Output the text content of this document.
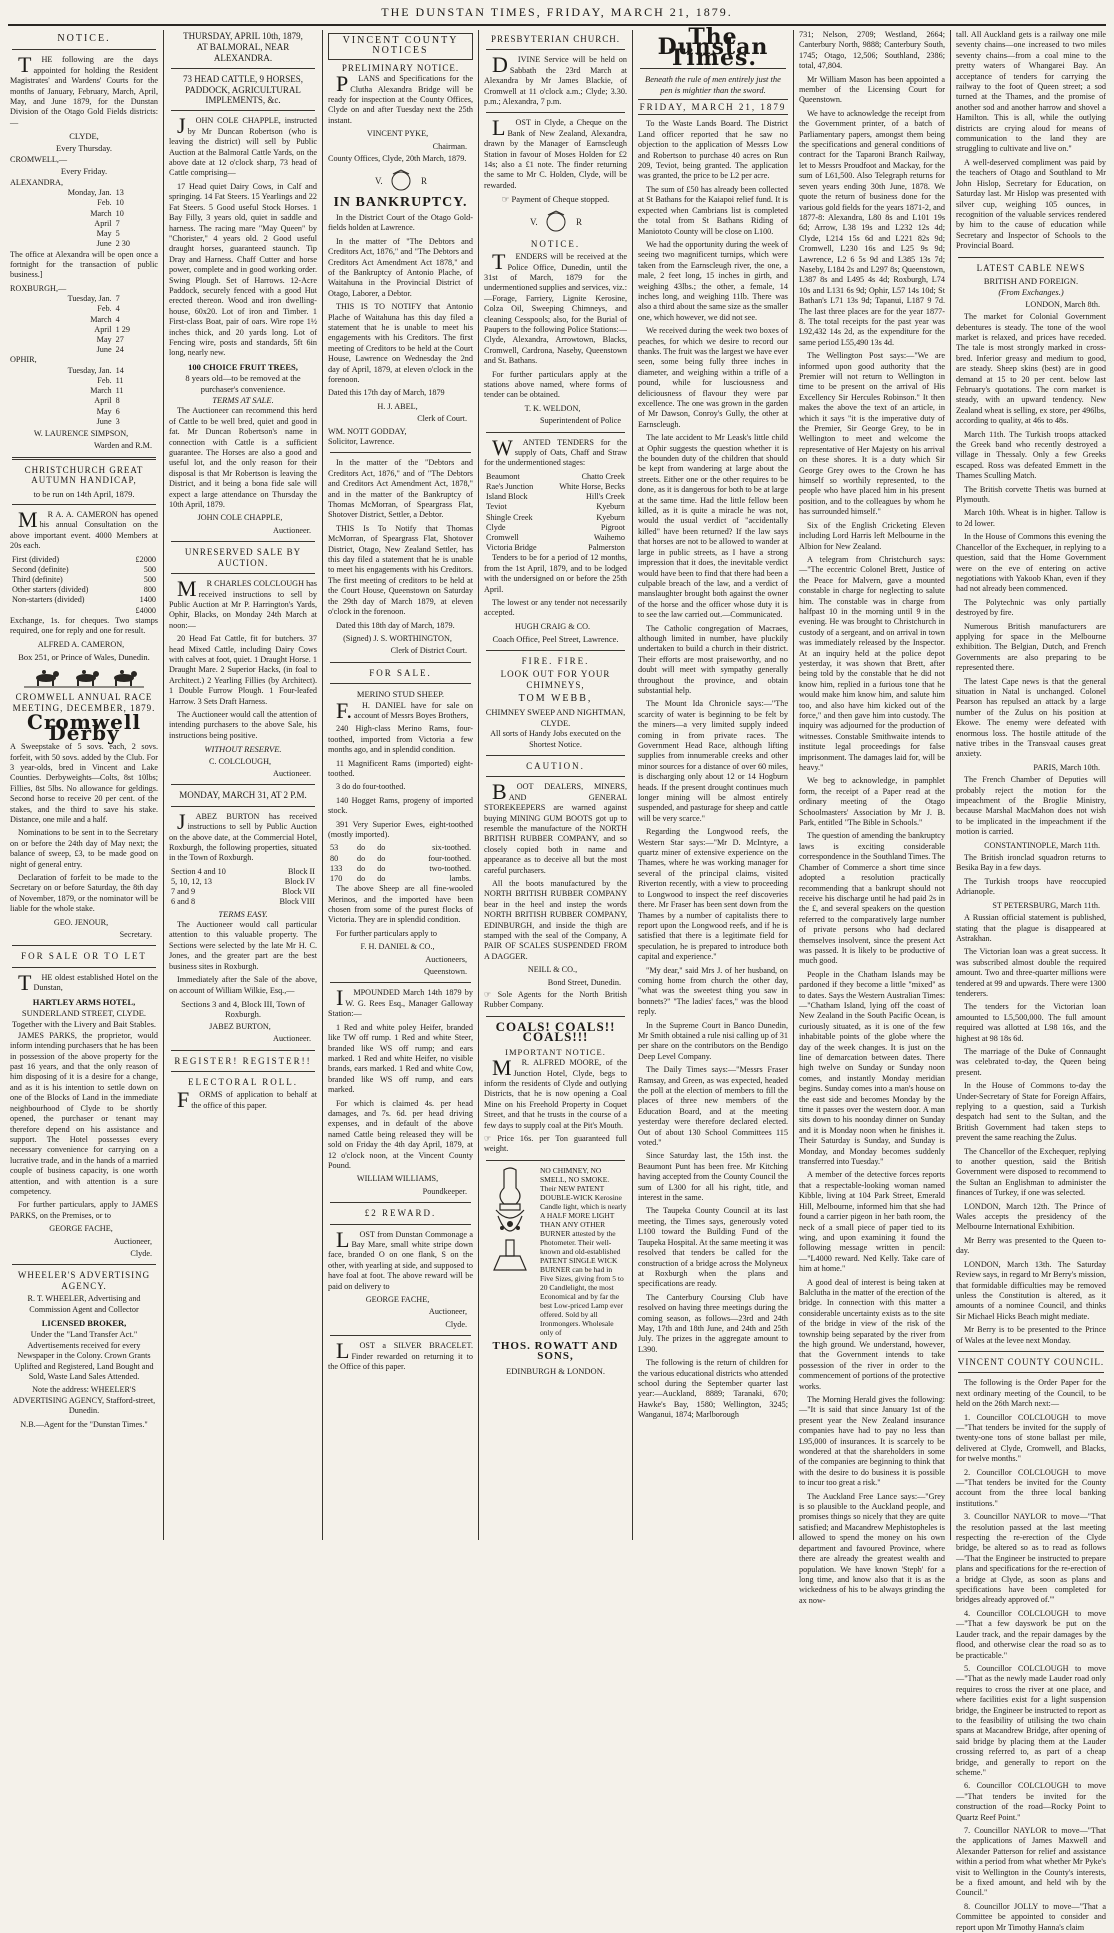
THE DUNSTAN TIMES, FRIDAY, MARCH 21, 1879.
NOTICE.

THE following are the days appointed for holding the Resident Magistrates' and Wardens' Courts for the months of January, February, March, April, May, and June 1879, for the Dunstan Division of the Otago Gold Fields districts:—

CLYDE,
Every Thursday.
CROMWELL,—
Every Friday.
ALEXANDRA,
Monday, Jan.	13
Feb.	10
March	10
April	7
May	5
June	2 30

The office at Alexandra will be open once a fortnight for the transaction of public business.]

ROXBURGH,—
Tuesday, Jan.	7
Feb.	4
March	4
April	1 29
May	27
June	24
OPHIR,
Tuesday, Jan.	14
Feb.	11
March	11
April	8
May	6
June	3
W. LAURENCE SIMPSON,
Warden and R.M.
CHRISTCHURCH GREAT AUTUMN HANDICAP,
to be run on 14th April, 1879.

MR A. A. CAMERON has opened his annual Consultation on the above important event. 4000 Members at 20s each.

First (divided)	£2000
Second (definite)	500
Third (definite)	500
Other starters (divided)	800
Non-starters (divided)	1400
	£4000

Exchange, 1s. for cheques. Two stamps required, one for reply and one for result.

ALFRED A. CAMERON,
Box 251, or Prince of Wales, Dunedin.
CROMWELL ANNUAL RACE MEETING, DECEMBER, 1879.
Cromwell Derby

A Sweepstake of 5 sovs. each, 2 sovs. forfeit, with 50 sovs. added by the Club. For 3 year-olds, bred in Vincent and Lake Counties. Derbyweights—Colts, 8st 10lbs; Fillies, 8st 5lbs. No allowance for geldings. Second horse to receive 20 per cent. of the stakes, and the third to save his stake. Distance, one mile and a half.

Nominations to be sent in to the Secretary on or before the 24th day of May next; the balance of sweep, £3, to be made good on night of general entry.

Declaration of forfeit to be made to the Secretary on or before Saturday, the 8th day of November, 1879, or the nominator will be liable for the whole stake.

GEO. JENOUR,
Secretary.
FOR SALE OR TO LET

THE oldest established Hotel on the Dunstan,

HARTLEY ARMS HOTEL,
SUNDERLAND STREET, CLYDE.
Together with the Livery and Bait Stables.

JAMES PARKS, the proprietor, would inform intending purchasers that he has been in possession of the above property for the past 16 years, and that the only reason of him disposing of it is a desire for a change, and as it is his intention to settle down on one of the Blocks of Land in the immediate neighbourhood of Clyde to be shortly opened, the purchaser or tenant may therefore depend on his assistance and support. The Hotel possesses every necessary convenience for carrying on a lucrative trade, and in the hands of a married couple of business capacity, is one worth attention, and with attention is a sure competency.

For further particulars, apply to JAMES PARKS, on the Premises, or to

GEORGE FACHE,
Auctioneer,
Clyde.
WHEELER'S ADVERTISING AGENCY.

R. T. WHEELER, Advertising and Commission Agent and Collector

LICENSED BROKER,
Under the "Land Transfer Act."

Advertisements received for every Newspaper in the Colony. Crown Grants Uplifted and Registered, Land Bought and Sold, Waste Land Sales Attended.

Note the address: WHEELER'S ADVERTISING AGENCY, Stafford-street, Dunedin.

N.B.—Agent for the "Dunstan Times."

THURSDAY, APRIL 10th, 1879,
AT BALMORAL, NEAR ALEXANDRA.
73 HEAD CATTLE, 9 HORSES, PADDOCK, AGRICULTURAL IMPLEMENTS, &c.

JOHN COLE CHAPPLE, instructed by Mr Duncan Robertson (who is leaving the district) will sell by Public Auction at the Balmoral Cattle Yards, on the above date at 12 o'clock sharp, 73 head of Cattle comprising—

17 Head quiet Dairy Cows, in Calf and springing. 14 Fat Steers. 15 Yearlings and 22 Fat Steers. 5 Good useful Stock Horses. 1 Bay Filly, 3 years old, quiet in saddle and harness. The racing mare "May Queen" by "Chorister," 4 years old. 2 Good useful draught horses, guaranteed staunch. Tip Dray and Harness. Chaff Cutter and horse power, complete and in good working order. Swing Plough. Set of Harrows. 12-Acre Paddock, securely fenced with a good Hut erected thereon. Wood and iron dwelling-house, 60x20. Lot of iron and Timber. 1 First-class Boat, pair of oars. Wire rope 1½ inches thick, and 20 yards long. Lot of Fencing wire, posts and standards, 5ft 6in long, nearly new.

100 CHOICE FRUIT TREES,
8 years old—to be removed at the purchaser's convenience.
TERMS AT SALE.

The Auctioneer can recommend this herd of Cattle to be well bred, quiet and good in fat. Mr Duncan Robertson's name in connection with Cattle is a sufficient guarantee. The Horses are also a good and useful lot, and the only reason for their disposal is that Mr Robertson is leaving the District, and it being a bona fide sale will expect a large attendance on Thursday the 10th April, 1879.

JOHN COLE CHAPPLE,
Auctioneer.
UNRESERVED SALE BY AUCTION.

MR CHARLES COLCLOUGH has received instructions to sell by Public Auction at Mr P. Harrington's Yards, Ophir, Blacks, on Monday 24th March at noon:—

20 Head Fat Cattle, fit for butchers. 37 head Mixed Cattle, including Dairy Cows with calves at foot, quiet. 1 Draught Horse. 1 Draught Mare. 2 Superior Hacks, (in foal to Architect.) 2 Yearling Fillies (by Architect). 1 Double Furrow Plough. 1 Four-leafed Harrow. 3 Sets Draft Harness.

The Auctioneer would call the attention of intending purchasers to the above Sale, his instructions being positive.

WITHOUT RESERVE.
C. COLCLOUGH,
Auctioneer.
MONDAY, MARCH 31, AT 2 P.M.

JABEZ BURTON has received instructions to sell by Public Auction on the above date, at the Commercial Hotel, Roxburgh, the following properties, situated in the Town of Roxburgh.

Section 4 and 10	Block II
5, 10, 12, 13	Block IV
7 and 9	Block VII
6 and 8	Block VIII
TERMS EASY.

The Auctioneer would call particular attention to this valuable property. The Sections were selected by the late Mr H. C. Jones, and the greater part are the best business sites in Roxburgh.

Immediately after the Sale of the above, on account of William Wilkie, Esq.,—

Sections 3 and 4, Block III, Town of Roxburgh.
JABEZ BURTON,
Auctioneer.
REGISTER! REGISTER!!
ELECTORAL ROLL.

FORMS of application to behalf at the office of this paper.

VINCENT COUNTY NOTICES
PRELIMINARY NOTICE.

PLANS and Specifications for the Clutha Alexandra Bridge will be ready for inspection at the County Offices, Clyde on and after Tuesday next the 25th instant.

VINCENT PYKE,
Chairman.

County Offices, Clyde, 20th March, 1879.

V.	R
IN BANKRUPTCY.

In the District Court of the Otago Gold-fields holden at Lawrence.

In the matter of "The Debtors and Creditors Act, 1876," and "The Debtors and Creditors Act Amendment Act 1878," and of the Bankruptcy of Antonio Plache, of Waitahuna in the Provincial District of Otago, Laborer, a Debtor.

THIS IS TO NOTIFY that Antonio Plache of Waitahuna has this day filed a statement that he is unable to meet his engagements with his Creditors. The first meeting of Creditors to be held at the Court House, Lawrence on Wednesday the 2nd day of April, 1879, at eleven o'clock in the forenoon.

Dated this 17th day of March, 1879

H. J. ABEL,
Clerk of Court.
WM. NOTT GODDAY,
Solicitor, Lawrence.

In the matter of the "Debtors and Creditors Act, 1876," and of "The Debtors and Creditors Act Amendment Act, 1878," and in the matter of the Bankruptcy of Thomas McMorran, of Speargrass Flat, Shotover District, Settler, a Debtor.

THIS Is To Notify that Thomas McMorran, of Speargrass Flat, Shotover District, Otago, New Zealand Settler, has this day filed a statement that he is unable to meet his engagements with his Creditors. The first meeting of creditors to be held at the Court House, Queenstown on Saturday the 29th day of March 1879, at eleven o'clock in the forenoon.

Dated this 18th day of March, 1879.

(Signed) J. S. WORTHINGTON,
Clerk of District Court.
FOR SALE.
MERINO STUD SHEEP.

F.H. DANIEL have for sale on account of Messrs Boyes Brothers,

240 High-class Merino Rams, four-toothed, imported from Victoria a few months ago, and in splendid condition.

11 Magnificent Rams (imported) eight-toothed.

3 do do four-toothed.

140 Hogget Rams, progeny of imported stock.

391 Very Superior Ewes, eight-toothed (mostly imported).

53	do	do	six-toothed.
80	do	do	four-toothed.
133	do	do	two-toothed.
170	do	do	lambs.

The above Sheep are all fine-wooled Merinos, and the imported have been chosen from some of the purest flocks of Victoria. They are in splendid condition.

For further particulars apply to

F. H. DANIEL & CO.,
Auctioneers,
Queenstown.

IMPOUNDED March 14th 1879 by W. G. Rees Esq., Manager Galloway Station:—

1 Red and white poley Heifer, branded like TW off rump. 1 Red and white Steer, branded like WS off rump; and ears marked. 1 Red and white Heifer, no visible brands, ears marked. 1 Red and white Cow, branded like WS off rump, and ears marked.

For which is claimed 4s. per head damages, and 7s. 6d. per head driving expenses, and in default of the above named Cattle being released they will be sold on Friday the 4th day April, 1879, at 12 o'clock noon, at the Vincent County Pound.

WILLIAM WILLIAMS,
Poundkeeper.
£2 REWARD.

LOST from Dunstan Commonage a Bay Mare, small white stripe down face, branded O on one flank, S on the other, with yearling at side, and supposed to have foal at foot. The above reward will be paid on delivery to

GEORGE FACHE,
Auctioneer,
Clyde.

LOST a SILVER BRACELET. Finder rewarded on returning it to the Office of this paper.

PRESBYTERIAN CHURCH.

DIVINE Service will be held on Sabbath the 23rd March at Alexandra by Mr James Blackie, of Cromwell at 11 o'clock a.m.; Clyde; 3.30. p.m.; Alexandra, 7 p.m.

LOST in Clyde, a Cheque on the Bank of New Zealand, Alexandra, drawn by the Manager of Earnscleugh Station in favour of Moses Holden for £2 14s; also a £1 note. The finder returning the same to Mr C. Holden, Clyde, will be rewarded.

☞ Payment of Cheque stopped.
V.	R
NOTICE.

TENDERS will be received at the Police Office, Dunedin, until the 31st of March, 1879 for the undermentioned supplies and services, viz.:—Forage, Farriery, Lignite Kerosine, Colza Oil, Sweeping Chimneys, and cleaning Cesspools; also, for the Burial of Paupers to the following Police Stations:—Clyde, Alexandra, Arrowtown, Blacks, Cromwell, Cardrona, Naseby, Queenstown and St. Bathans.

For further particulars apply at the stations above named, where forms of tender can be obtained.

T. K. WELDON,
Superintendent of Police

WANTED TENDERS for the supply of Oats, Chaff and Straw for the undermentioned stages:

Beaumont	Chatto Creek
Rae's Junction	White Horse, Becks
Island Block	Hill's Creek
Teviot	Kyeburn
Shingle Creek	Kyeburn
Clyde	Pigroot
Cromwell	Waihemo
Victoria Bridge	Palmerston

Tenders to be for a period of 12 months, from the 1st April, 1879, and to be lodged with the undersigned on or before the 25th April.

The lowest or any tender not necessarily accepted.

HUGH CRAIG & CO.
Coach Office, Peel Street, Lawrence.
FIRE. FIRE.
LOOK OUT FOR YOUR CHIMNEYS,
TOM WEBB,
CHIMNEY SWEEP AND NIGHTMAN, CLYDE.

All sorts of Handy Jobs executed on the Shortest Notice.

CAUTION.

BOOT DEALERS, MINERS, AND GENERAL STOREKEEPERS are warned against buying MINING GUM BOOTS got up to resemble the manufacture of the NORTH BRITISH RUBBER COMPANY, and so closely copied both in name and appearance as to deceive all but the most careful purchasers.

All the boots manufactured by the NORTH BRITISH RUBBER COMPANY bear in the heel and instep the words NORTH BRITISH RUBBER COMPANY, EDINBURGH, and inside the thigh are stamped with the seal of the Company, A PAIR OF SCALES SUSPENDED FROM A DAGGER.

NEILL & CO.,
Bond Street, Dunedin.

☞ Sole Agents for the North British Rubber Company.

COALS! COALS!! COALS!!!
IMPORTANT NOTICE.

MR. ALFRED MOORE, of the Junction Hotel, Clyde, begs to inform the residents of Clyde and outlying Districts, that he is now opening a Coal Mine on his Freehold Property in Coquet Street, and that he trusts in the course of a few days to supply coal at the Pit's Mouth.

☞ Price 16s. per Ton guaranteed full weight.

NO CHIMNEY, NO SMELL, NO SMOKE. Their NEW PATENT DOUBLE-WICK Kerosine Candle light, which is nearly A HALF MORE LIGHT THAN ANY OTHER BURNER attested by the Photometer. Their well-known and old-established PATENT SINGLE WICK BURNER can be had in Five Sizes, giving from 5 to 20 Candlelight, the most Economical and by far the best Low-priced Lamp ever offered. Sold by all Ironmongers. Wholesale only of
THOS. ROWATT AND SONS,
EDINBURGH & LONDON.
The Dunstan Times.
Beneath the rule of men entirely just the pen is mightier than the sword.
FRIDAY, MARCH 21, 1879

To the Waste Lands Board. The District Land officer reported that he saw no objection to the application of Messrs Low and Robertson to purchase 40 acres on Run 209, Teviot, being granted. The application was granted, the price to be L2 per acre.

The sum of £50 has already been collected at St Bathans for the Kaiapoi relief fund. It is expected when Cambrians list is completed the total from St Bathans Riding of Maniototo County will be close on L100.

We had the opportunity during the week of seeing two magnificent turnips, which were taken from the Earnscleugh river, the one, a male, 2 feet long, 15 inches in girth, and weighing 43lbs.; the other, a female, 14 inches long, and weighing 11lb. There was also a third about the same size as the smaller one, which however, we did not see.

We received during the week two boxes of peaches, for which we desire to record our thanks. The fruit was the largest we have ever seen, some being fully three inches in diameter, and weighing within a trifle of a pound, while for lusciousness and deliciousness of flavour they were par excellence. The one was grown in the garden of Mr Dawson, Conroy's Gully, the other at Earnscleugh.

The late accident to Mr Leask's little child at Ophir suggests the question whether it is the bounden duty of the children that should be kept from wandering at large about the streets. Either one or the other requires to be done, as it is dangerous for both to be at large at the same time. Had the little fellow been killed, as it is quite a miracle he was not, would the usual verdict of "accidentally killed" have been returned? If the law says that horses are not to be allowed to wander at large in public streets, as I have a strong impression that it does, the inevitable verdict would have been to find that there had been a culpable breach of the law, and a verdict of manslaughter brought both against the owner of the horse and the officer whose duty it is to see the law carried out.—Communicated.

The Catholic congregation of Macraes, although limited in number, have pluckily undertaken to build a church in their district. Their efforts are most praiseworthy, and no doubt will meet with sympathy generally throughout the province, and obtain substantial help.

The Mount Ida Chronicle says:—"The scarcity of water is beginning to be felt by the miners—a very limited supply indeed coming in from private races. The Government Head Race, although lifting supplies from innumerable creeks and other minor sources for a distance of over 60 miles, is discharging only about 12 or 14 Hogburn heads. If the present drought continues much longer mining will be almost entirely suspended, and pasturage for sheep and cattle will be very scarce."

Regarding the Longwood reefs, the Western Star says:—"Mr D. McIntyre, a quartz miner of extensive experience on the Thames, where he was working manager for several of the principal claims, visited Riverton recently, with a view to proceeding to Longwood to inspect the reef discoveries there. Mr Fraser has been sent down from the Thames by a number of capitalists there to report upon the Longwood reefs, and if he is satisfied that there is a legitimate field for speculation, he is prepared to introduce both capital and experience."

"My dear," said Mrs J. of her husband, on coming home from church the other day, "what was the sweetest thing you saw in bonnets?" "The ladies' faces," was the blood reply.

In the Supreme Court in Banco Dunedin, Mr Smith obtained a rule nisi calling up of 31 per share on the contributors on the Bendigo Deep Level Company.

The Daily Times says:—"Messrs Fraser Ramsay, and Green, as was expected, headed the poll at the election of members to fill the places of three new members of the Education Board, and at the meeting yesterday were therefore declared elected. Out of about 130 School Committees 115 voted."

Since Saturday last, the 15th inst. the Beaumont Punt has been free. Mr Kitching having accepted from the County Council the sum of L300 for all his right, title, and interest in the same.

The Taupeka County Council at its last meeting, the Times says, generously voted L100 toward the Building Fund of the Taupeka Hospital. At the same meeting it was resolved that tenders be called for the construction of a bridge across the Molyneux at Roxburgh when the plans and specifications are ready.

The Canterbury Coursing Club have resolved on having three meetings during the coming season, as follows—23rd and 24th May, 17th and 18th June, and 24th and 25th July. The prizes in the aggregate amount to L390.

The following is the return of children for the various educational districts who attended school during the September quarter last year:—Auckland, 8889; Taranaki, 670; Hawke's Bay, 1580; Wellington, 3245; Wanganui, 1874; Marlborough

731; Nelson, 2709; Westland, 2664; Canterbury North, 9888; Canterbury South, 1745; Otago, 12,506; Southland, 2386; total, 47,804.

Mr William Mason has been appointed a member of the Licensing Court for Queenstown.

We have to acknowledge the receipt from the Government printer, of a batch of Parliamentary papers, amongst them being the specifications and general conditions of contract for the Taparoni Branch Railway, let to Messrs Proudfoot and Mackay, for the sum of L61,500. Also Telegraph returns for seven years ending 30th June, 1878. We quote the return of business done for the various gold fields for the years 1871-2, and 1877-8: Alexandra, L80 8s and L101 19s 6d; Arrow, L38 19s and L232 12s 4d; Clyde, L214 15s 6d and L221 82s 9d; Cromwell, L230 16s and L25 9s 9d; Lawrence, L2 6 5s 9d and L385 13s 7d; Naseby, L184 2s and L297 8s; Queenstown, L387 8s and L495 4s 4d; Roxburgh, L74 10s and L131 6s 9d; Ophir, L57 14s 10d; St Bathan's L71 13s 9d; Tapanui, L187 9 7d. The last three places are for the year 1877-8. The total receipts for the past year was L92,432 14s 2d, as the expenditure for the same period L55,490 13s 4d.

The Wellington Post says:—"We are informed upon good authority that the Premier will not return to Wellington in time to be present on the arrival of His Excellency Sir Hercules Robinson." It then makes the above the text of an article, in which it says "it is the imperative duty of the Premier, Sir George Grey, to be in Wellington to meet and welcome the representative of Her Majesty on his arrival on these shores. It is a duty which Sir George Grey owes to the Crown he has himself so worthily represented, to the people who have placed him in his present position, and to the colleagues by whom he has surrounded himself."

Six of the English Cricketing Eleven including Lord Harris left Melbourne in the Albion for New Zealand.

A telegram from Christchurch says:—"The eccentric Colonel Brett, Justice of the Peace for Malvern, gave a mounted constable in charge for neglecting to salute him. The constable was in charge from halfpast 10 in the morning until 9 in the evening. He was brought to Christchurch in custody of a sergeant, and on arrival in town was immediately released by the Inspector. At an inquiry held at the police depot yesterday, it was shown that Brett, after being told by the constable that he did not know him, replied in a furious tone that he would make him know him, and salute him too, and also have him kicked out of the force," and then gave him into custody. The inquiry was adjourned for the production of witnesses. Constable Smithwaite intends to institute legal proceedings for false imprisonment. The damages laid for, will be heavy."

We beg to acknowledge, in pamphlet form, the receipt of a Paper read at the ordinary meeting of the Otago Schoolmasters' Association by Mr J. B. Park, entitled "The Bible in Schools."

The question of amending the bankruptcy laws is exciting considerable correspondence in the Southland Times. The Chamber of Commerce a short time since adopted a resolution practically recommending that a bankrupt should not receive his discharge until he had paid 2s in the £, and several speakers on the question referred to the comparatively large number of private persons who had declared themselves insolvent, since the present Act was passed. It is likely to be productive of much good.

People in the Chatham Islands may be pardoned if they become a little "mixed" as to dates. Says the Western Australian Times:—"Chatham Island, lying off the coast of New Zealand in the South Pacific Ocean, is curiously situated, as it is one of the few inhabitable points of the globe where the day of the week changes. It is just on the line of demarcation between dates. There high twelve on Sunday or Sunday noon comes, and instantly Monday meridian begins. Sunday comes into a man's house on the east side and becomes Monday by the time it passes over the western door. A man sits down to his noonday dinner on Sunday and it is Monday noon when he finishes it. Their Saturday is Sunday, and Sunday is Monday, and Monday becomes suddenly transferred into Tuesday."

A member of the detective forces reports that a respectable-looking woman named Kibble, living at 104 Park Street, Emerald Hill, Melbourne, informed him that she had found a carrier pigeon in her bath room, the neck of a small piece of paper tied to its wing, and upon examining it found the following message written in pencil:—"L4000 reward. Ned Kelly. Take care of him at home."

A good deal of interest is being taken at Balclutha in the matter of the erection of the bridge. In connection with this matter a considerable uncertainty exists as to the site of the bridge in view of the risk of the township being separated by the river from the high ground. We understand, however, that the Government intends to take possession of the river in order to the commencement of portions of the protective works.

The Morning Herald gives the following:—"It is said that since January 1st of the present year the New Zealand insurance companies have had to pay no less than L95,000 of insurances. It is scarcely to be wondered at that the shareholders in some of the companies are beginning to think that with the desire to do business it is possible to incur too great a risk."

The Auckland Free Lance says:—"Grey is so plausible to the Auckland people, and promises things so nicely that they are quite satisfied; and Macandrew Mephistopheles is allowed to spend the money on his own department and favoured Province, where there are already the greatest wealth and population. We have known 'Steph' for a long time, and know also that it is as the wickedness of his to be always grinding the ax now-

tall. All Auckland gets is a railway one mile seventy chains—one increased to two miles seventy chains—from a coal mine to the pretty waters of Whangarei Bay. An acceptance of tenders for carrying the railway to the foot of Queen street; a sod turned at the Thames, and the promise of another sod and another harrow and shovel a Hamilton. This is all, while the outlying districts are crying aloud for means of communication to the land they are struggling to cultivate and live on."

A well-deserved compliment was paid by the teachers of Otago and Southland to Mr John Hislop, Secretary for Education, on Saturday last. Mr Hislop was presented with silver cup, weighing 105 ounces, in recognition of the valuable services rendered by him to the cause of education while Secretary and Inspector of Schools to the Provincial Board.

LATEST CABLE NEWS
BRITISH AND FOREIGN.
(From Exchanges.)
LONDON, March 8th.

The market for Colonial Government debentures is steady. The tone of the wool market is relaxed, and prices have receded. The tale is most strongly marked in cross-bred. Inferior greasy and medium to good, are steady. Sheep skins (best) are in good demand at 15 to 20 per cent. below last February's quotations. The corn market is steady, with an upward tendency. New Zealand wheat is selling, ex store, per 496lbs, according to quality, at 46s to 48s.

March 11th. The Turkish troops attacked the Greek band who recently destroyed a village in Thessaly. Only a few Greeks escaped. Ross was defeated Emmett in the Thames Sculling Match.

The British corvette Thetis was burned at Plymouth.

March 10th. Wheat is in higher. Tallow is to 2d lower.

In the House of Commons this evening the Chancellor of the Exchequer, in replying to a question, said that the Home Government were on the eve of entering on active negotiations with Yakoob Khan, even if they had not already been commenced.

The Polytechnic was only partially destroyed by fire.

Numerous British manufacturers are applying for space in the Melbourne exhibition. The Belgian, Dutch, and French Governments are also preparing to be represented there.

The latest Cape news is that the general situation in Natal is unchanged. Colonel Pearson has repulsed an attack by a large number of the Zulus on his position at Ekowe. The enemy were defeated with enormous loss. The hostile attitude of the native tribes in the Transvaal causes great anxiety.

PARIS, March 10th.

The French Chamber of Deputies will probably reject the motion for the impeachment of the Broglie Ministry, because Marshal MacMahon does not wish to be implicated in the impeachment if the motion is carried.

CONSTANTINOPLE, March 11th.

The British ironclad squadron returns to Besika Bay in a few days.

The Turkish troops have reoccupied Adrianople.

ST PETERSBURG, March 11th.

A Russian official statement is published, stating that the plague is disappeared at Astrakhan.

The Victorian loan was a great success. It was subscribed almost double the required amount. Two and three-quarter millions were tendered at 99 and upwards. There were 1300 tenderers.

The tenders for the Victorian loan amounted to L5,500,000. The full amount required was allotted at L98 16s, and the highest at 98 18s 6d.

The marriage of the Duke of Connaught was celebrated to-day, the Queen being present.

In the House of Commons to-day the Under-Secretary of State for Foreign Affairs, replying to a question, said a Turkish despatch had sent to the Sultan, and the British Government had taken steps to prevent the same reaching the Zulus.

The Chancellor of the Exchequer, replying to another question, said the British Government were disposed to recommend to the Sultan an Englishman to administer the finances of Turkey, if one was selected.

LONDON, March 12th. The Prince of Wales accepts the presidency of the Melbourne International Exhibition.

Mr Berry was presented to the Queen to-day.

LONDON, March 13th. The Saturday Review says, in regard to Mr Berry's mission, that formidable difficulties may be removed unless the Constitution is altered, as it amounts of a nominee Council, and thinks Sir Michael Hicks Beach might mediate.

Mr Berry is to be presented to the Prince of Wales at the levee next Monday.

VINCENT COUNTY COUNCIL.

The following is the Order Paper for the next ordinary meeting of the Council, to be held on the 26th March next:—

1. Councillor COLCLOUGH to move—"That tenders be invited for the supply of twenty-one tons of stone ballast per mile, delivered at Clyde, Cromwell, and Blacks, for twelve months."

2. Councillor COLCLOUGH to move—"That tenders be invited for the County account from the three local banking institutions."

3. Councillor NAYLOR to move—"That the resolution passed at the last meeting respecting the re-erection of the Clyde bridge, be altered so as to read as follows—'That the Engineer be instructed to prepare plans and specifications for the re-erection of a bridge at Clyde, as soon as plans and specifications have been completed for bridges already approved of.'"

4. Councillor COLCLOUGH to move—"That a few dayswork be put on the Lauder track, and the repair damages by the flood, and otherwise clear the road so as to be practicable."

5. Councillor COLCLOUGH to move—"That as the newly made Lauder road only requires to cross the river at one place, and where facilities exist for a light suspension bridge, the Engineer be instructed to report as to the feasibility of utilising the two chain spans at Macandrew Bridge, after opening of said bridge by placing them at the Lauder crossing referred to, as part of a cheap bridge, and generally to report on the scheme."

6. Councillor COLCLOUGH to move—"That tenders be invited for the construction of the road—Rocky Point to Quartz Reef Point."

7. Councillor NAYLOR to move—"That the applications of James Maxwell and Alexander Patterson for relief and assistance within a period from what whether Mr Pyke's visit to Wellington in the County's interests, be a fixed amount, and held wih by the Council."

8. Councillor JOLLY to move—"That a Committee be appointed to consider and report upon Mr Timothy Hanna's claim
